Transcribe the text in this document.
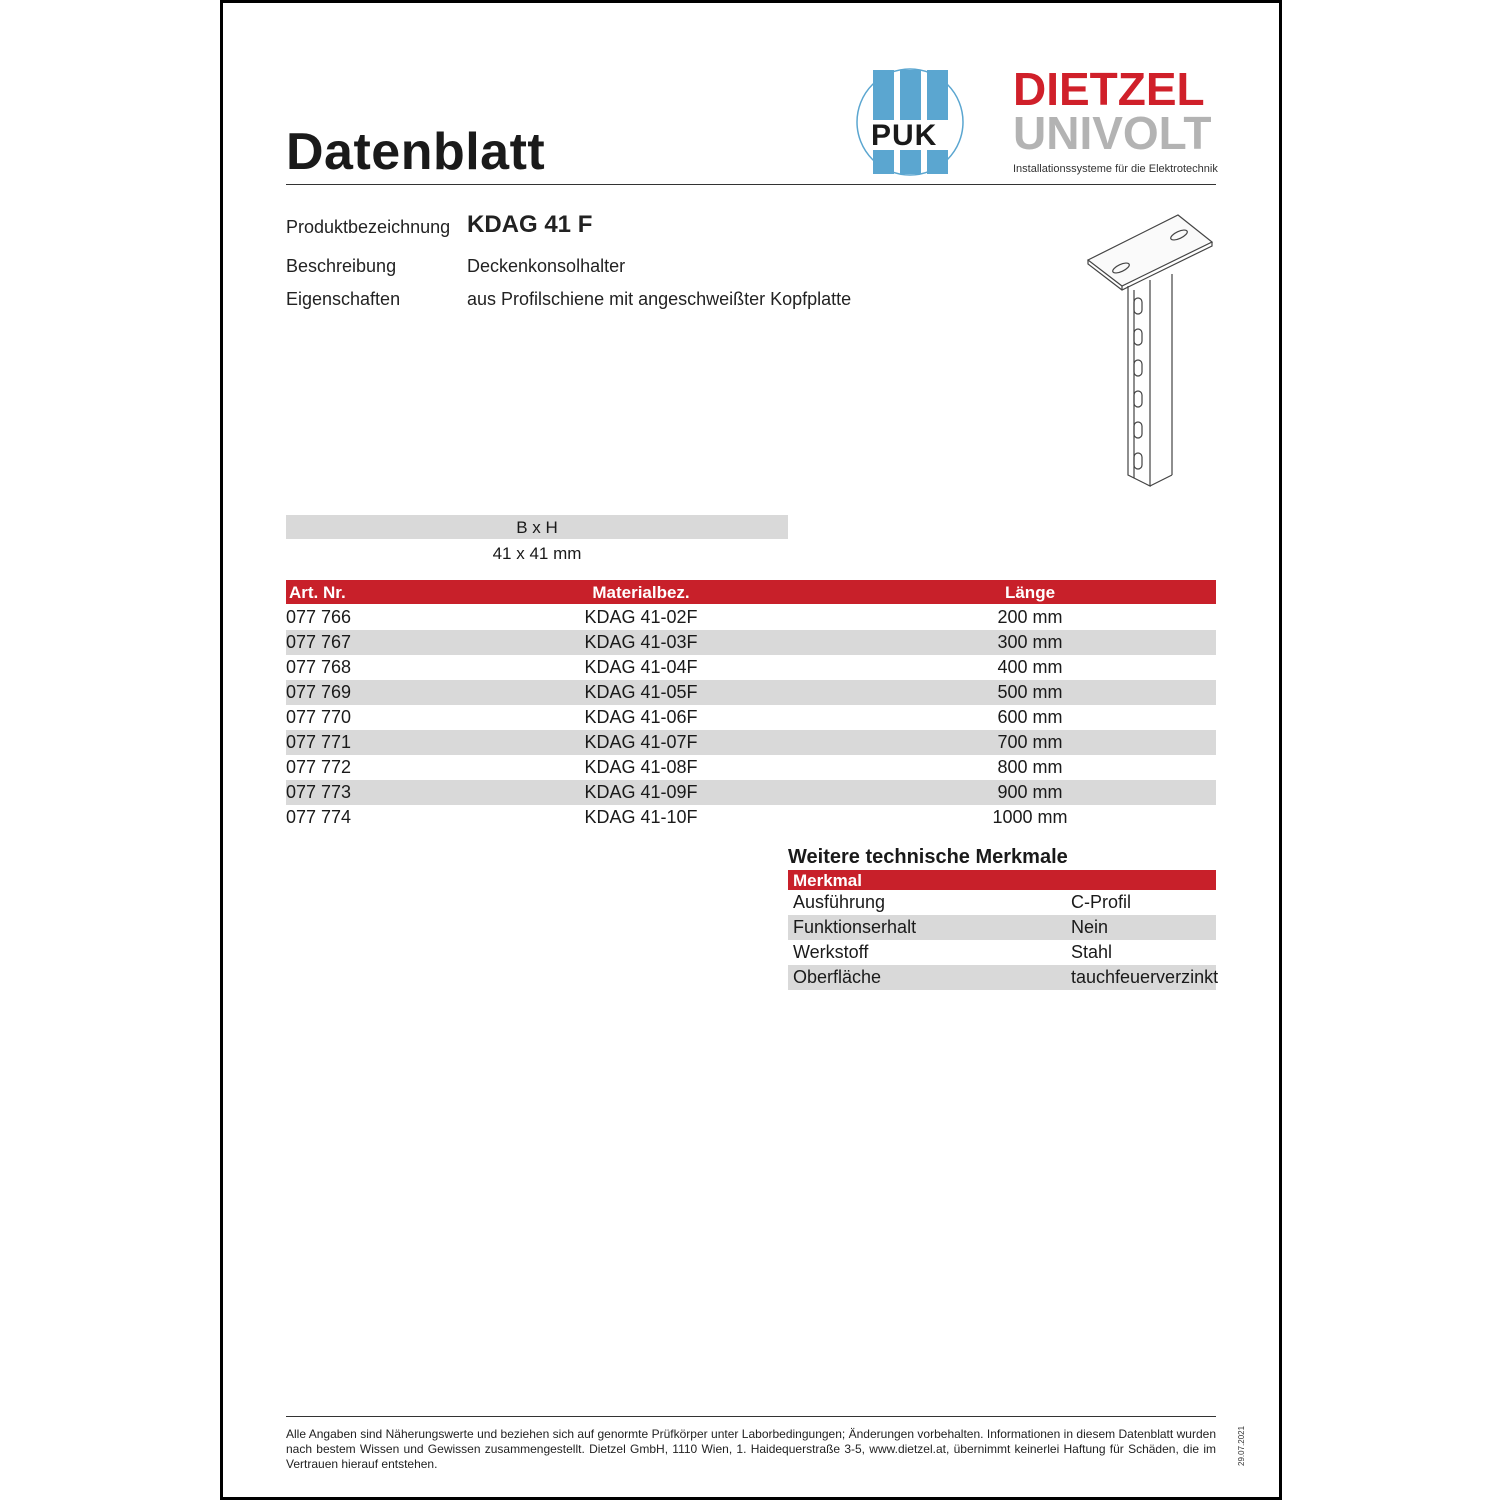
Datenblatt	PUK
DIETZEL
UNIVOLT
Installationssysteme für die Elektrotechnik
Produktbezeichnung KDAG 41 F
Beschreibung	Deckenkonsolhalter
Eigenschaften	aus Profilschiene mit angeschweißter Kopfplatte
B x H
41 x 41 mm
Art. Nr.	Materialbez.	Länge
077 766	KDAG 41-02F	200 mm
077 767	KDAG 41-03F	300 mm
077 768	KDAG 41-04F	400 mm
077 769	KDAG 41-05F	500 mm
077 770	KDAG 41-06F	600 mm
077 771	KDAG 41-07F	700 mm
077 772	KDAG 41-08F	800 mm
077 773	KDAG 41-09F	900 mm
077 774	KDAG 41-10F	1000 mm
Weitere technische Merkmale
Merkmal
Ausführung	C-Profil
Funktionserhalt	Nein
Werkstoff	Stahl
Oberfläche	tauchfeuerverzinkt
Alle Angaben sind Näherungswerte und beziehen sich auf genormte Prüfkörper unter Laborbedingungen; Änderungen vorbehalten. Informationen in diesem Datenblatt wurden nach bestem Wissen und Gewissen zusammengestellt. Dietzel GmbH, 1110 Wien, 1. Haidequerstraße 3-5, www.dietzel.at, übernimmt keinerlei Haftung für Schäden, die im Vertrauen hierauf entstehen.	29.07.2021
